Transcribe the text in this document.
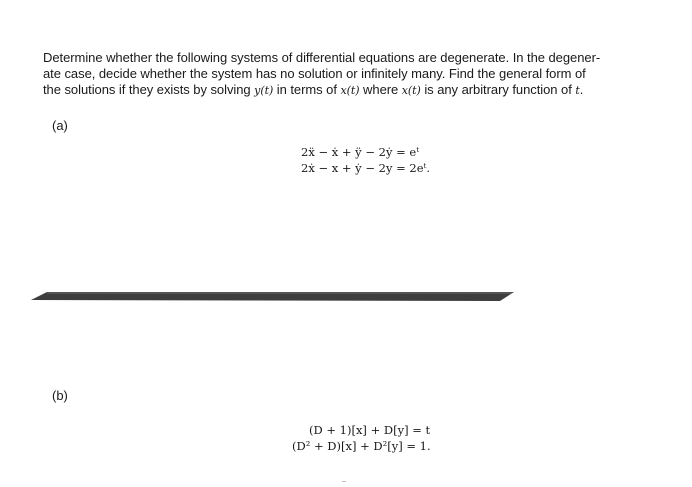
Determine whether the following systems of differential equations are degenerate. In the degener-
ate case, decide whether the system has no solution or infinitely many. Find the general form of
the solutions if they exists by solving y(t) in terms of x(t) where x(t) is any arbitrary function of t.
(a)
2ẍ − ẋ + ÿ − 2ẏ = eᵗ
2ẋ − x + ẏ − 2y = 2eᵗ.
(b)
(D + 1)[x] + D[y] = t
(D² + D)[x] + D²[y] = 1.
